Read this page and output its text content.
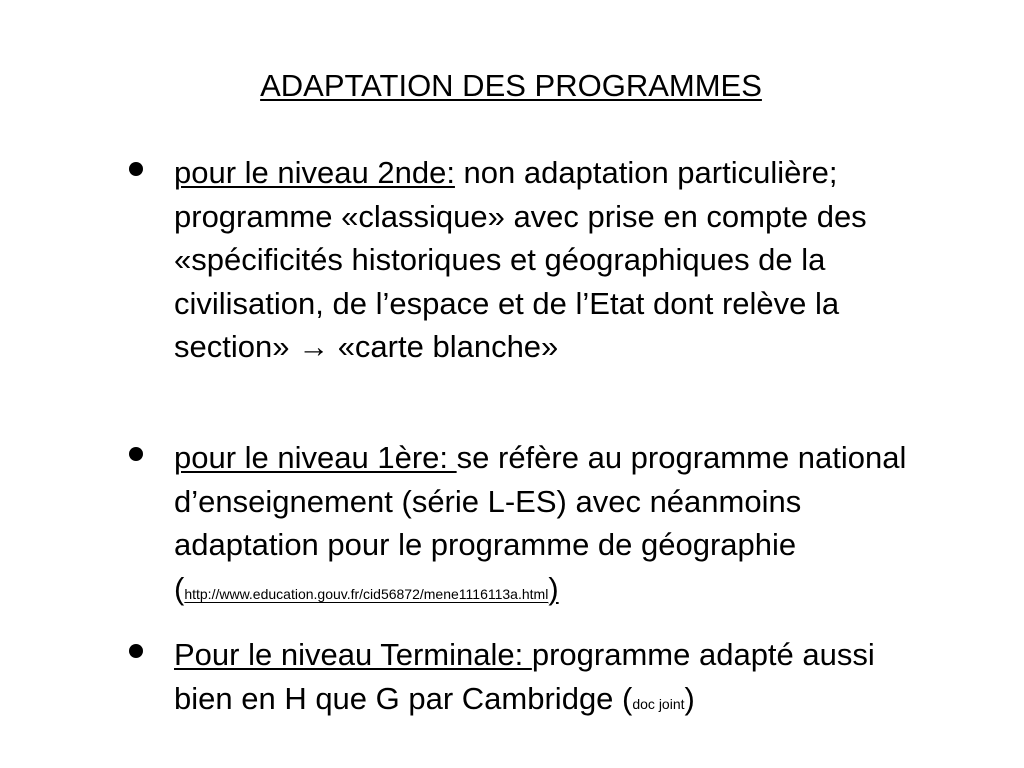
ADAPTATION DES PROGRAMMES

pour le niveau 2nde: non adaptation particulière; programme «classique» avec prise en compte des «spécificités historiques et géographiques de la civilisation, de l’espace et de l’Etat dont relève la section» → «carte blanche»

pour le niveau 1ère: se réfère au programme national d’enseignement (série L-ES) avec néanmoins adaptation pour le programme de géographie (http://www.education.gouv.fr/cid56872/mene1116113a.html)

Pour le niveau Terminale: programme adapté aussi bien en H que G par Cambridge (doc joint)
